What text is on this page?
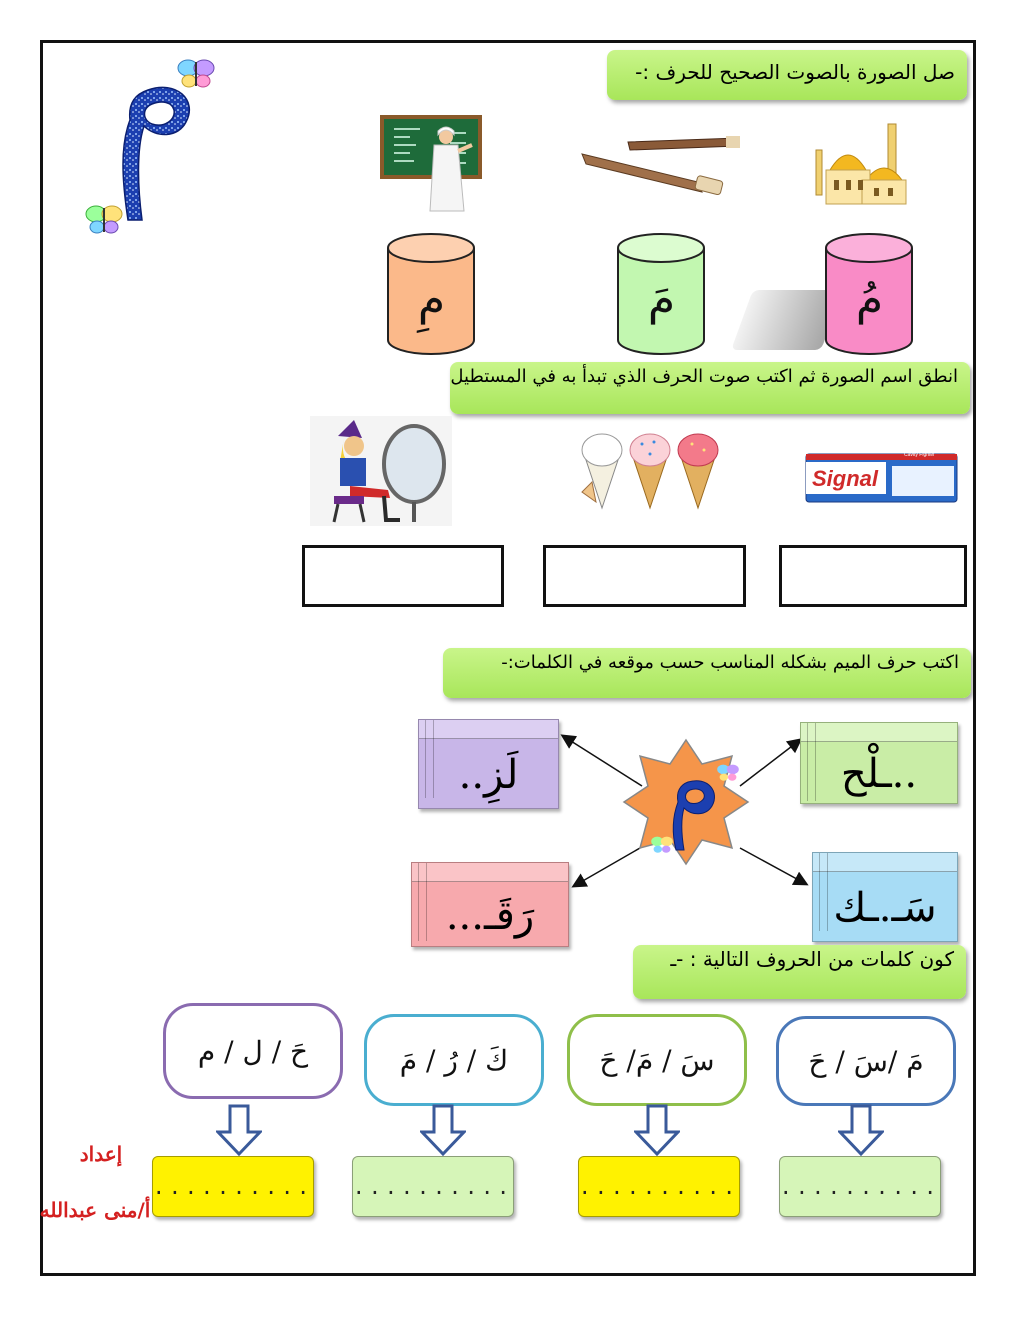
صل الصورة بالصوت الصحيح للحرف :-
مِ	مَ	مُ
انطق اسم الصورة ثم اكتب صوت الحرف الذي تبدأ به في المستطيل
Signal
Cavity Fighter
اكتب حرف الميم بشكله المناسب حسب موقعه في الكلمات:-
لَزِ..	..ـلْح
رَقَـ...	سَـ.ـك
كون كلمات من الحروف التالية : -ـ
حَ / ل / م	كَ / رُ / مَ	سَ / مَ/ حَ	مَ /سَ / حَ
.......... ..........	.......... ..........
إعداد
أ/منى عبدالله
